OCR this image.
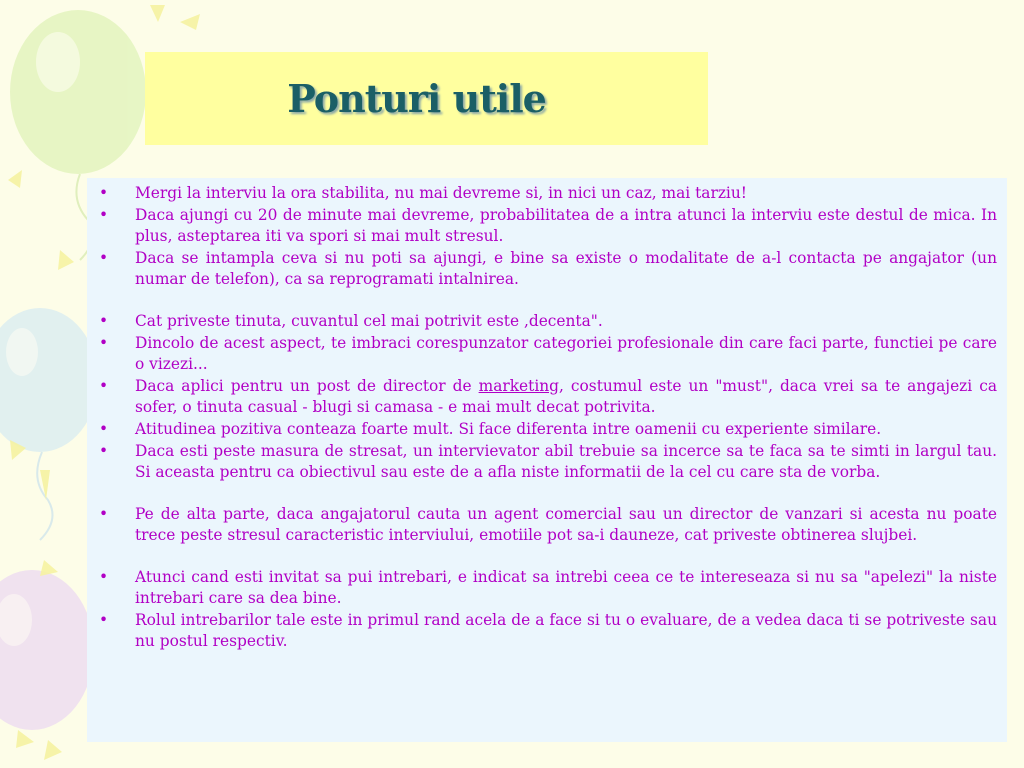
Ponturi utile
• Mergi la interviu la ora stabilita, nu mai devreme si, in nici un caz, mai tarziu!
• Daca ajungi cu 20 de minute mai devreme, probabilitatea de a intra atunci la interviu este destul de mica. In plus, asteptarea iti va spori si mai mult stresul.
• Daca se intampla ceva si nu poti sa ajungi, e bine sa existe o modalitate de a-l contacta pe angajator (un numar de telefon), ca sa reprogramati intalnirea.
• Cat priveste tinuta, cuvantul cel mai potrivit este ,decenta".
• Dincolo de acest aspect, te imbraci corespunzator categoriei profesionale din care faci parte, functiei pe care o vizezi...
• Daca aplici pentru un post de director de marketing, costumul este un "must", daca vrei sa te angajezi ca sofer, o tinuta casual - blugi si camasa - e mai mult decat potrivita.
• Atitudinea pozitiva conteaza foarte mult. Si face diferenta intre oamenii cu experiente similare.
• Daca esti peste masura de stresat, un intervievator abil trebuie sa incerce sa te faca sa te simti in largul tau. Si aceasta pentru ca obiectivul sau este de a afla niste informatii de la cel cu care sta de vorba.
• Pe de alta parte, daca angajatorul cauta un agent comercial sau un director de vanzari si acesta nu poate trece peste stresul caracteristic interviului, emotiile pot sa-i dauneze, cat priveste obtinerea slujbei.
• Atunci cand esti invitat sa pui intrebari, e indicat sa intrebi ceea ce te intereseaza si nu sa "apelezi" la niste intrebari care sa dea bine.
• Rolul intrebarilor tale este in primul rand acela de a face si tu o evaluare, de a vedea daca ti se potriveste sau nu postul respectiv.
